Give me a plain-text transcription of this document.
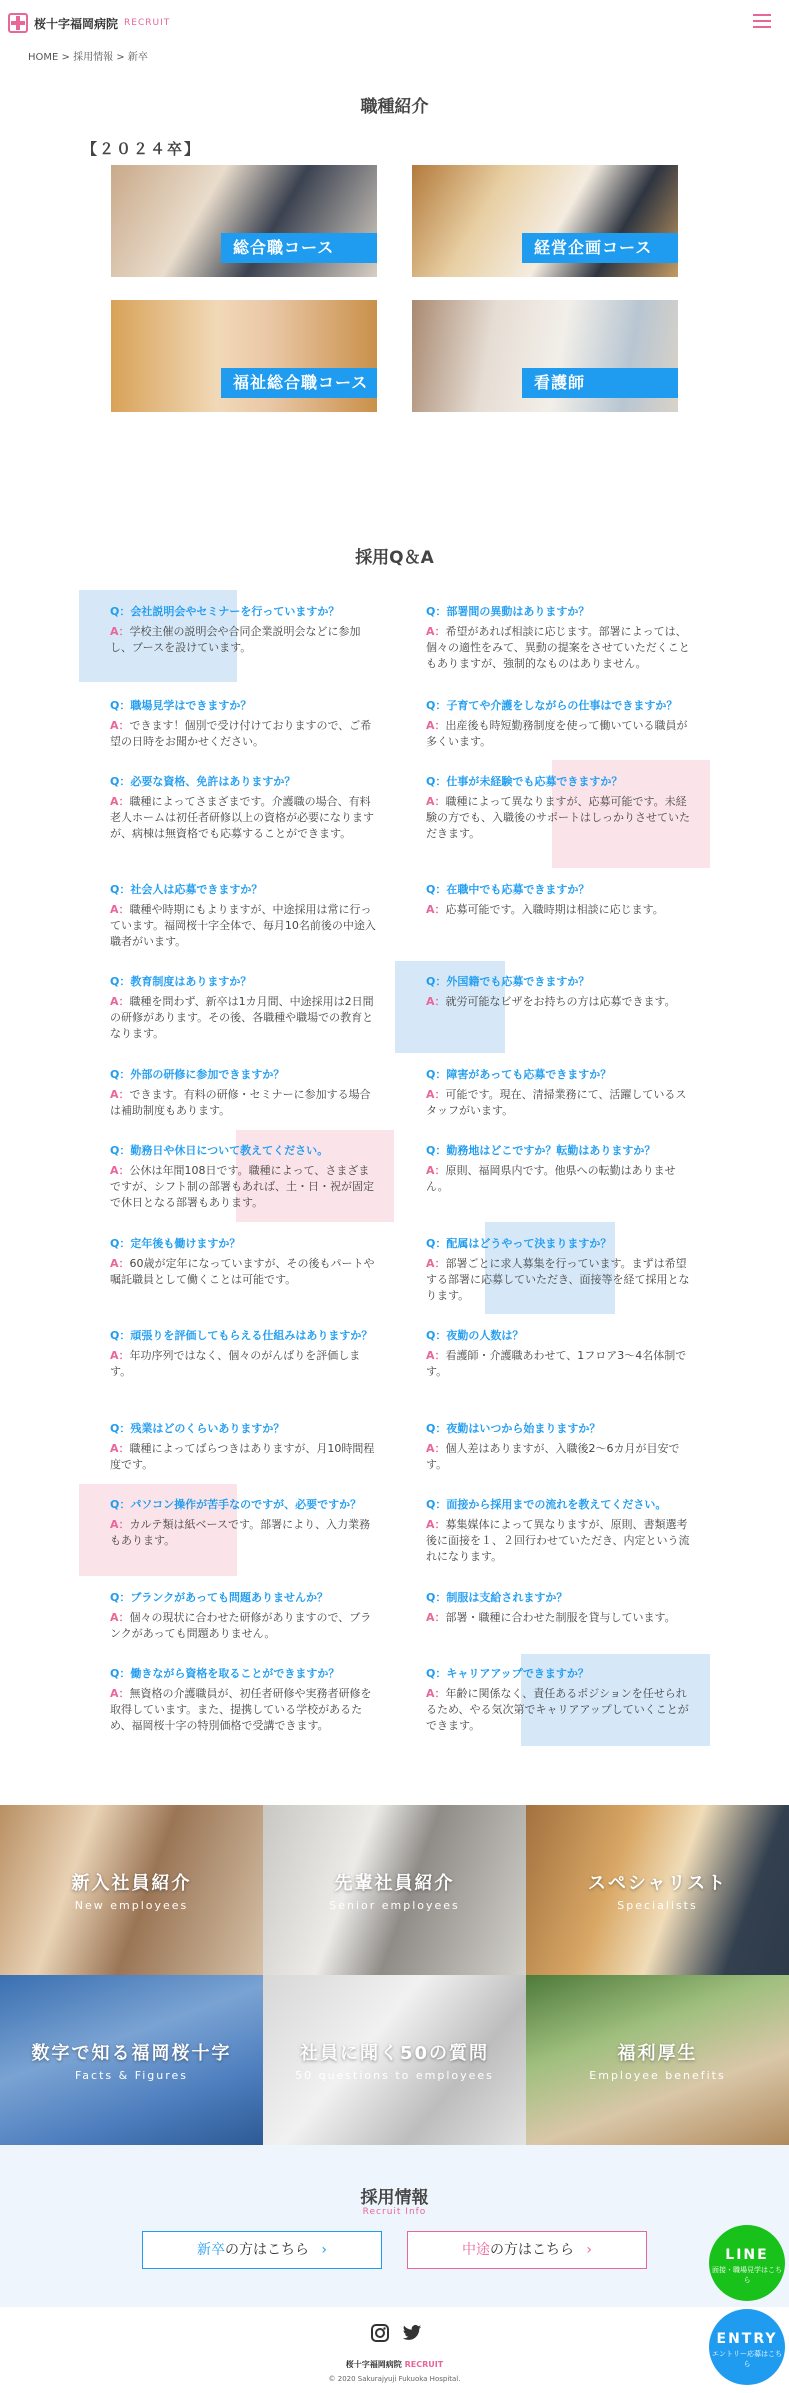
桜十字福岡病院 RECRUIT
HOME > 採用情報 > 新卒
職種紹介
【２０２４卒】
総合職コース	経営企画コース
福祉総合職コース	看護師
採用Q＆A
Q：会社説明会やセミナーを行っていますか？
A：学校主催の説明会や合同企業説明会などに参加し、ブースを設けています。
Q：部署間の異動はありますか？
A：希望があれば相談に応じます。部署によっては、個々の適性をみて、異動の提案をさせていただくこともありますが、強制的なものはありません。
Q：職場見学はできますか？
A：できます！個別で受け付けておりますので、ご希望の日時をお聞かせください。
Q：子育てや介護をしながらの仕事はできますか？
A：出産後も時短勤務制度を使って働いている職員が多くいます。
Q：必要な資格、免許はありますか？
A：職種によってさまざまです。介護職の場合、有料老人ホームは初任者研修以上の資格が必要になりますが、病棟は無資格でも応募することができます。
Q：仕事が未経験でも応募できますか？
A：職種によって異なりますが、応募可能です。未経験の方でも、入職後のサポートはしっかりさせていただきます。
Q：社会人は応募できますか？
A：職種や時期にもよりますが、中途採用は常に行っています。福岡桜十字全体で、毎月10名前後の中途入職者がいます。
Q：在職中でも応募できますか？
A：応募可能です。入職時期は相談に応じます。
Q：教育制度はありますか？
A：職種を問わず、新卒は1カ月間、中途採用は2日間の研修があります。その後、各職種や職場での教育となります。
Q：外国籍でも応募できますか？
A：就労可能なビザをお持ちの方は応募できます。
Q：外部の研修に参加できますか？
A：できます。有料の研修・セミナーに参加する場合は補助制度もあります。
Q：障害があっても応募できますか？
A：可能です。現在、清掃業務にて、活躍しているスタッフがいます。
Q：勤務日や休日について教えてください。
A：公休は年間108日です。職種によって、さまざまですが、シフト制の部署もあれば、土・日・祝が固定で休日となる部署もあります。
Q：勤務地はどこですか？転勤はありますか？
A：原則、福岡県内です。他県への転勤はありません。
Q：定年後も働けますか？
A：60歳が定年になっていますが、その後もパートや嘱託職員として働くことは可能です。
Q：配属はどうやって決まりますか？
A：部署ごとに求人募集を行っています。まずは希望する部署に応募していただき、面接等を経て採用となります。
Q：頑張りを評価してもらえる仕組みはありますか？
A：年功序列ではなく、個々のがんばりを評価します。
Q：夜勤の人数は？
A：看護師・介護職あわせて、1フロア3～4名体制です。
Q：残業はどのくらいありますか？
A：職種によってばらつきはありますが、月10時間程度です。
Q：夜勤はいつから始まりますか？
A：個人差はありますが、入職後2～6カ月が目安です。
Q：パソコン操作が苦手なのですが、必要ですか？
A：カルテ類は紙ベースです。部署により、入力業務もあります。
Q：面接から採用までの流れを教えてください。
A：募集媒体によって異なりますが、原則、書類選考後に面接を１、２回行わせていただき、内定という流れになります。
Q：ブランクがあっても問題ありませんか？
A：個々の現状に合わせた研修がありますので、ブランクがあっても問題ありません。
Q：制服は支給されますか？
A：部署・職種に合わせた制服を貸与しています。
Q：働きながら資格を取ることができますか？
A：無資格の介護職員が、初任者研修や実務者研修を取得しています。また、提携している学校があるため、福岡桜十字の特別価格で受講できます。
Q：キャリアアップできますか？
A：年齢に関係なく、責任あるポジションを任せられるため、やる気次第でキャリアアップしていくことができます。
新入社員紹介
New employees
先輩社員紹介
Senior employees
スペシャリスト
Specialists
数字で知る福岡桜十字
Facts & Figures
社員に聞く50の質問
50 questions to employees
福利厚生
Employee benefits
採用情報
Recruit Info
新卒の方はこちら ›	中途の方はこちら ›
桜十字福岡病院 RECRUIT
© 2020 Sakurajyuji Fukuoka Hospital.
LINE
面接・職場見学はこちら
ENTRY
エントリー応募はこちら
